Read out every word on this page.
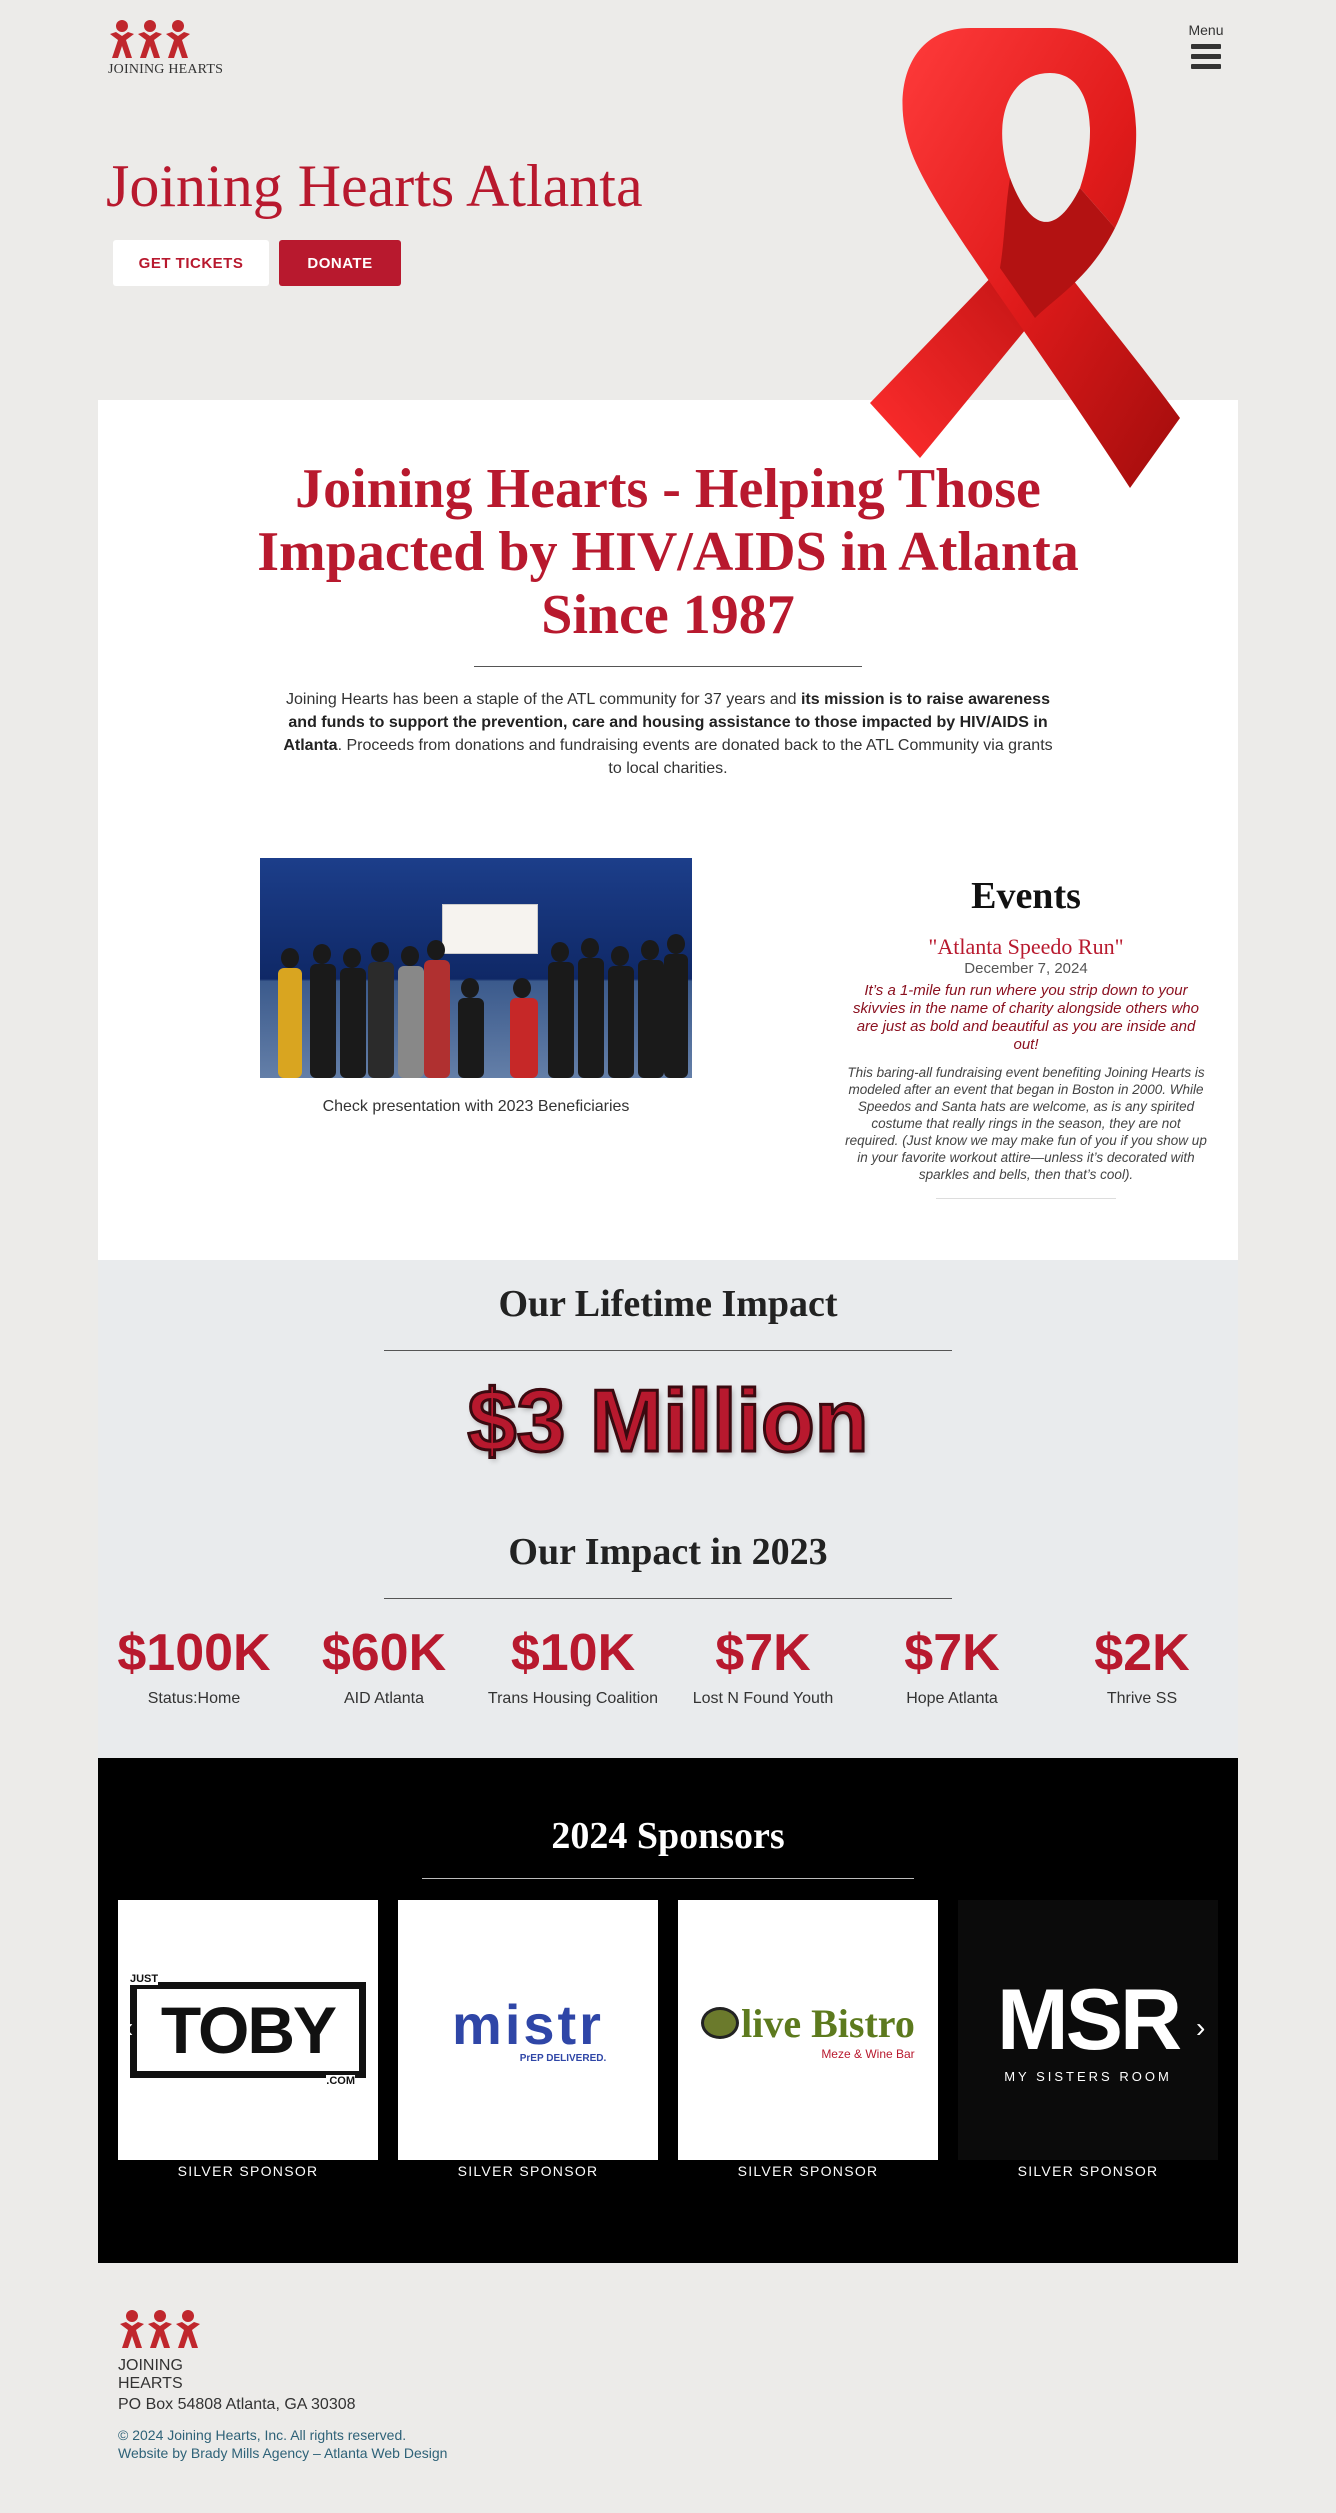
JOINING HEARTS
Menu
Joining Hearts Atlanta
GET TICKETS	DONATE
Joining Hearts - Helping Those Impacted by HIV/AIDS in Atlanta Since 1987

Joining Hearts has been a staple of the ATL community for 37 years and its mission is to raise awareness and funds to support the prevention, care and housing assistance to those impacted by HIV/AIDS in Atlanta. Proceeds from donations and fundraising events are donated back to the ATL Community via grants to local charities.

Check presentation with 2023 Beneficiaries

Events
"Atlanta Speedo Run"

December 7, 2024

It’s a 1-mile fun run where you strip down to your skivvies in the name of charity alongside others who are just as bold and beautiful as you are inside and out!

This baring-all fundraising event benefiting Joining Hearts is modeled after an event that began in Boston in 2000. While Speedos and Santa hats are welcome, as is any spirited costume that really rings in the season, they are not required. (Just know we may make fun of you if you show up in your favorite workout attire—unless it’s decorated with sparkles and bells, then that’s cool).

Our Lifetime Impact
$3 Million
Our Impact in 2023
$100K
Status:Home
$60K
AID Atlanta
$10K
Trans Housing Coalition
$7K
Lost N Found Youth
$7K
Hope Atlanta
$2K
Thrive SS
2024 Sponsors
JUST
TOBY
.COM
mistr
PrEP DELIVERED.
live Bistro
Meze & Wine Bar MSR
MY SISTERS ROOM
‹	›

SILVER SPONSOR	SILVER SPONSOR	SILVER SPONSOR	SILVER SPONSOR

JOINING HEARTS

PO Box 54808 Atlanta, GA 30308

© 2024 Joining Hearts, Inc. All rights reserved.
Website by Brady Mills Agency – Atlanta Web Design
